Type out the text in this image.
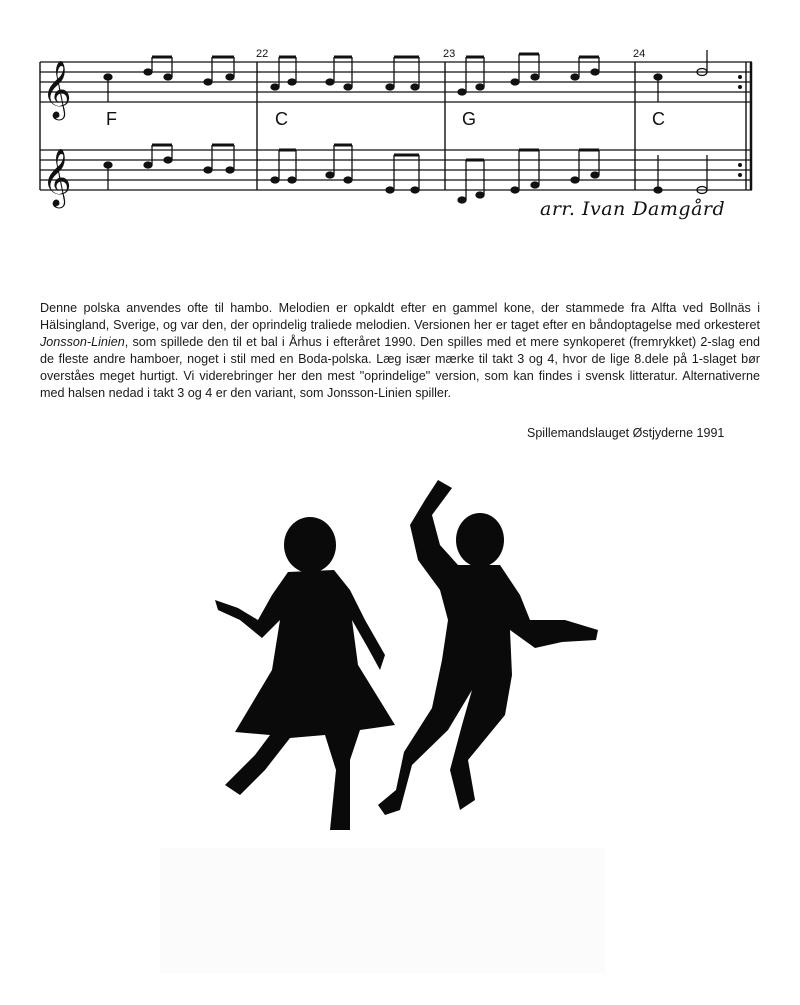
𝄞
𝄞
22	23	24
F	C	G	C
arr. Ivan Damgård

Denne polska anvendes ofte til hambo. Melodien er opkaldt efter en gammel kone, der stammede fra Alfta ved Bollnäs i Hälsingland, Sverige, og var den, der oprindelig traliede melodien. Versionen her er taget efter en båndoptagelse med orkesteret Jonsson-Linien, som spillede den til et bal i Århus i efteråret 1990. Den spilles med et mere synkoperet (fremrykket) 2-slag end de fleste andre hamboer, noget i stil med en Boda-polska. Læg især mærke til takt 3 og 4, hvor de lige 8.dele på 1-slaget bør overståes meget hurtigt. Vi viderebringer her den mest "oprindelige" version, som kan findes i svensk litteratur. Alternativerne med halsen nedad i takt 3 og 4 er den variant, som Jonsson-Linien spiller.

Spillemandslauget Østjyderne 1991
